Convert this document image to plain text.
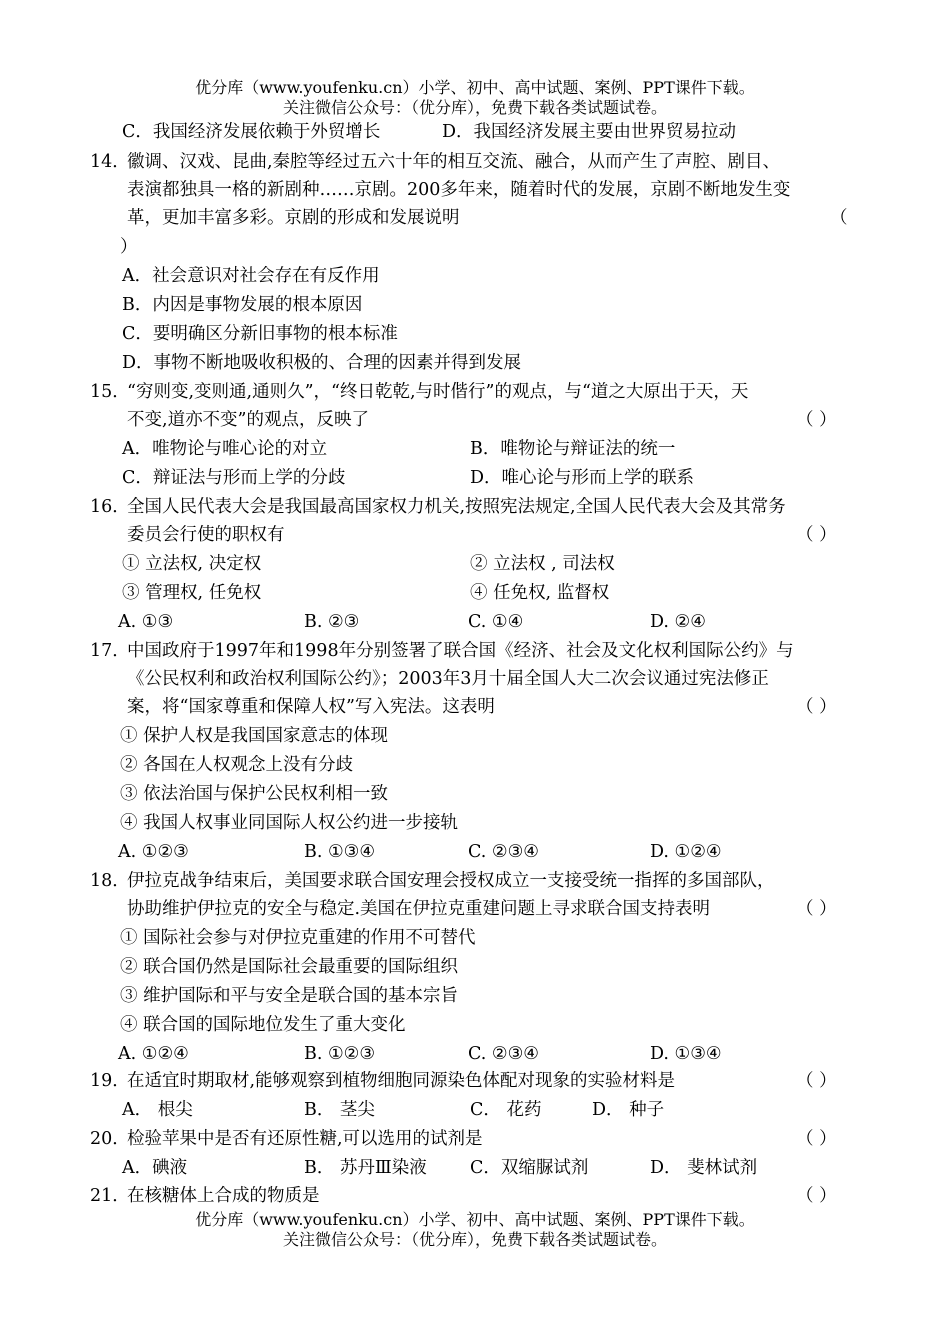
优分库（www.youfenku.cn）小学、初中、高中试题、案例、PPT课件下载。
关注微信公众号：（优分库），免费下载各类试题试卷。
C．我国经济发展依赖于外贸增长	D．我国经济发展主要由世界贸易拉动
14．
徽调、汉戏、昆曲,秦腔等经过五六十年的相互交流、融合，从而产生了声腔、剧目、
表演都独具一格的新剧种……京剧。200多年来，随着时代的发展，京剧不断地发生变
革，更加丰富多彩。京剧的形成和发展说明	（
）
A．社会意识对社会存在有反作用
B．内因是事物发展的根本原因
C．要明确区分新旧事物的根本标准
D．事物不断地吸收积极的、合理的因素并得到发展
15．
“穷则变,变则通,通则久”，“终日乾乾,与时偕行”的观点，与“道之大原出于天，天
不变,道亦不变”的观点，反映了	（ ）
A．唯物论与唯心论的对立	B．唯物论与辩证法的统一
C．辩证法与形而上学的分歧	D．唯心论与形而上学的联系
16．
全国人民代表大会是我国最高国家权力机关,按照宪法规定,全国人民代表大会及其常务
委员会行使的职权有	（ ）
① 立法权, 决定权	② 立法权 , 司法权
③ 管理权, 任免权	④ 任免权, 监督权
A. ①③	B. ②③	C. ①④	D. ②④
17．
中国政府于1997年和1998年分别签署了联合国《经济、社会及文化权利国际公约》与
《公民权利和政治权利国际公约》；2003年3月十届全国人大二次会议通过宪法修正
案，将“国家尊重和保障人权”写入宪法。这表明	（ ）
① 保护人权是我国国家意志的体现
② 各国在人权观念上没有分歧
③ 依法治国与保护公民权利相一致
④ 我国人权事业同国际人权公约进一步接轨
A. ①②③	B. ①③④	C. ②③④	D. ①②④
18．
伊拉克战争结束后，美国要求联合国安理会授权成立一支接受统一指挥的多国部队，
协助维护伊拉克的安全与稳定.美国在伊拉克重建问题上寻求联合国支持表明	（ ）
① 国际社会参与对伊拉克重建的作用不可替代
② 联合国仍然是国际社会最重要的国际组织
③ 维护国际和平与安全是联合国的基本宗旨
④ 联合国的国际地位发生了重大变化
A. ①②④	B. ①②③	C. ②③④	D. ①③④
19．
在适宜时期取材,能够观察到植物细胞同源染色体配对现象的实验材料是	（ ）
A． 根尖	B． 茎尖	C． 花药	D． 种子
20．
检验苹果中是否有还原性糖,可以选用的试剂是	（ ）
A．碘液	B． 苏丹Ⅲ染液 C．双缩脲试剂	D． 斐林试剂
21．
在核糖体上合成的物质是	（ ）
优分库（www.youfenku.cn）小学、初中、高中试题、案例、PPT课件下载。
关注微信公众号：（优分库），免费下载各类试题试卷。
